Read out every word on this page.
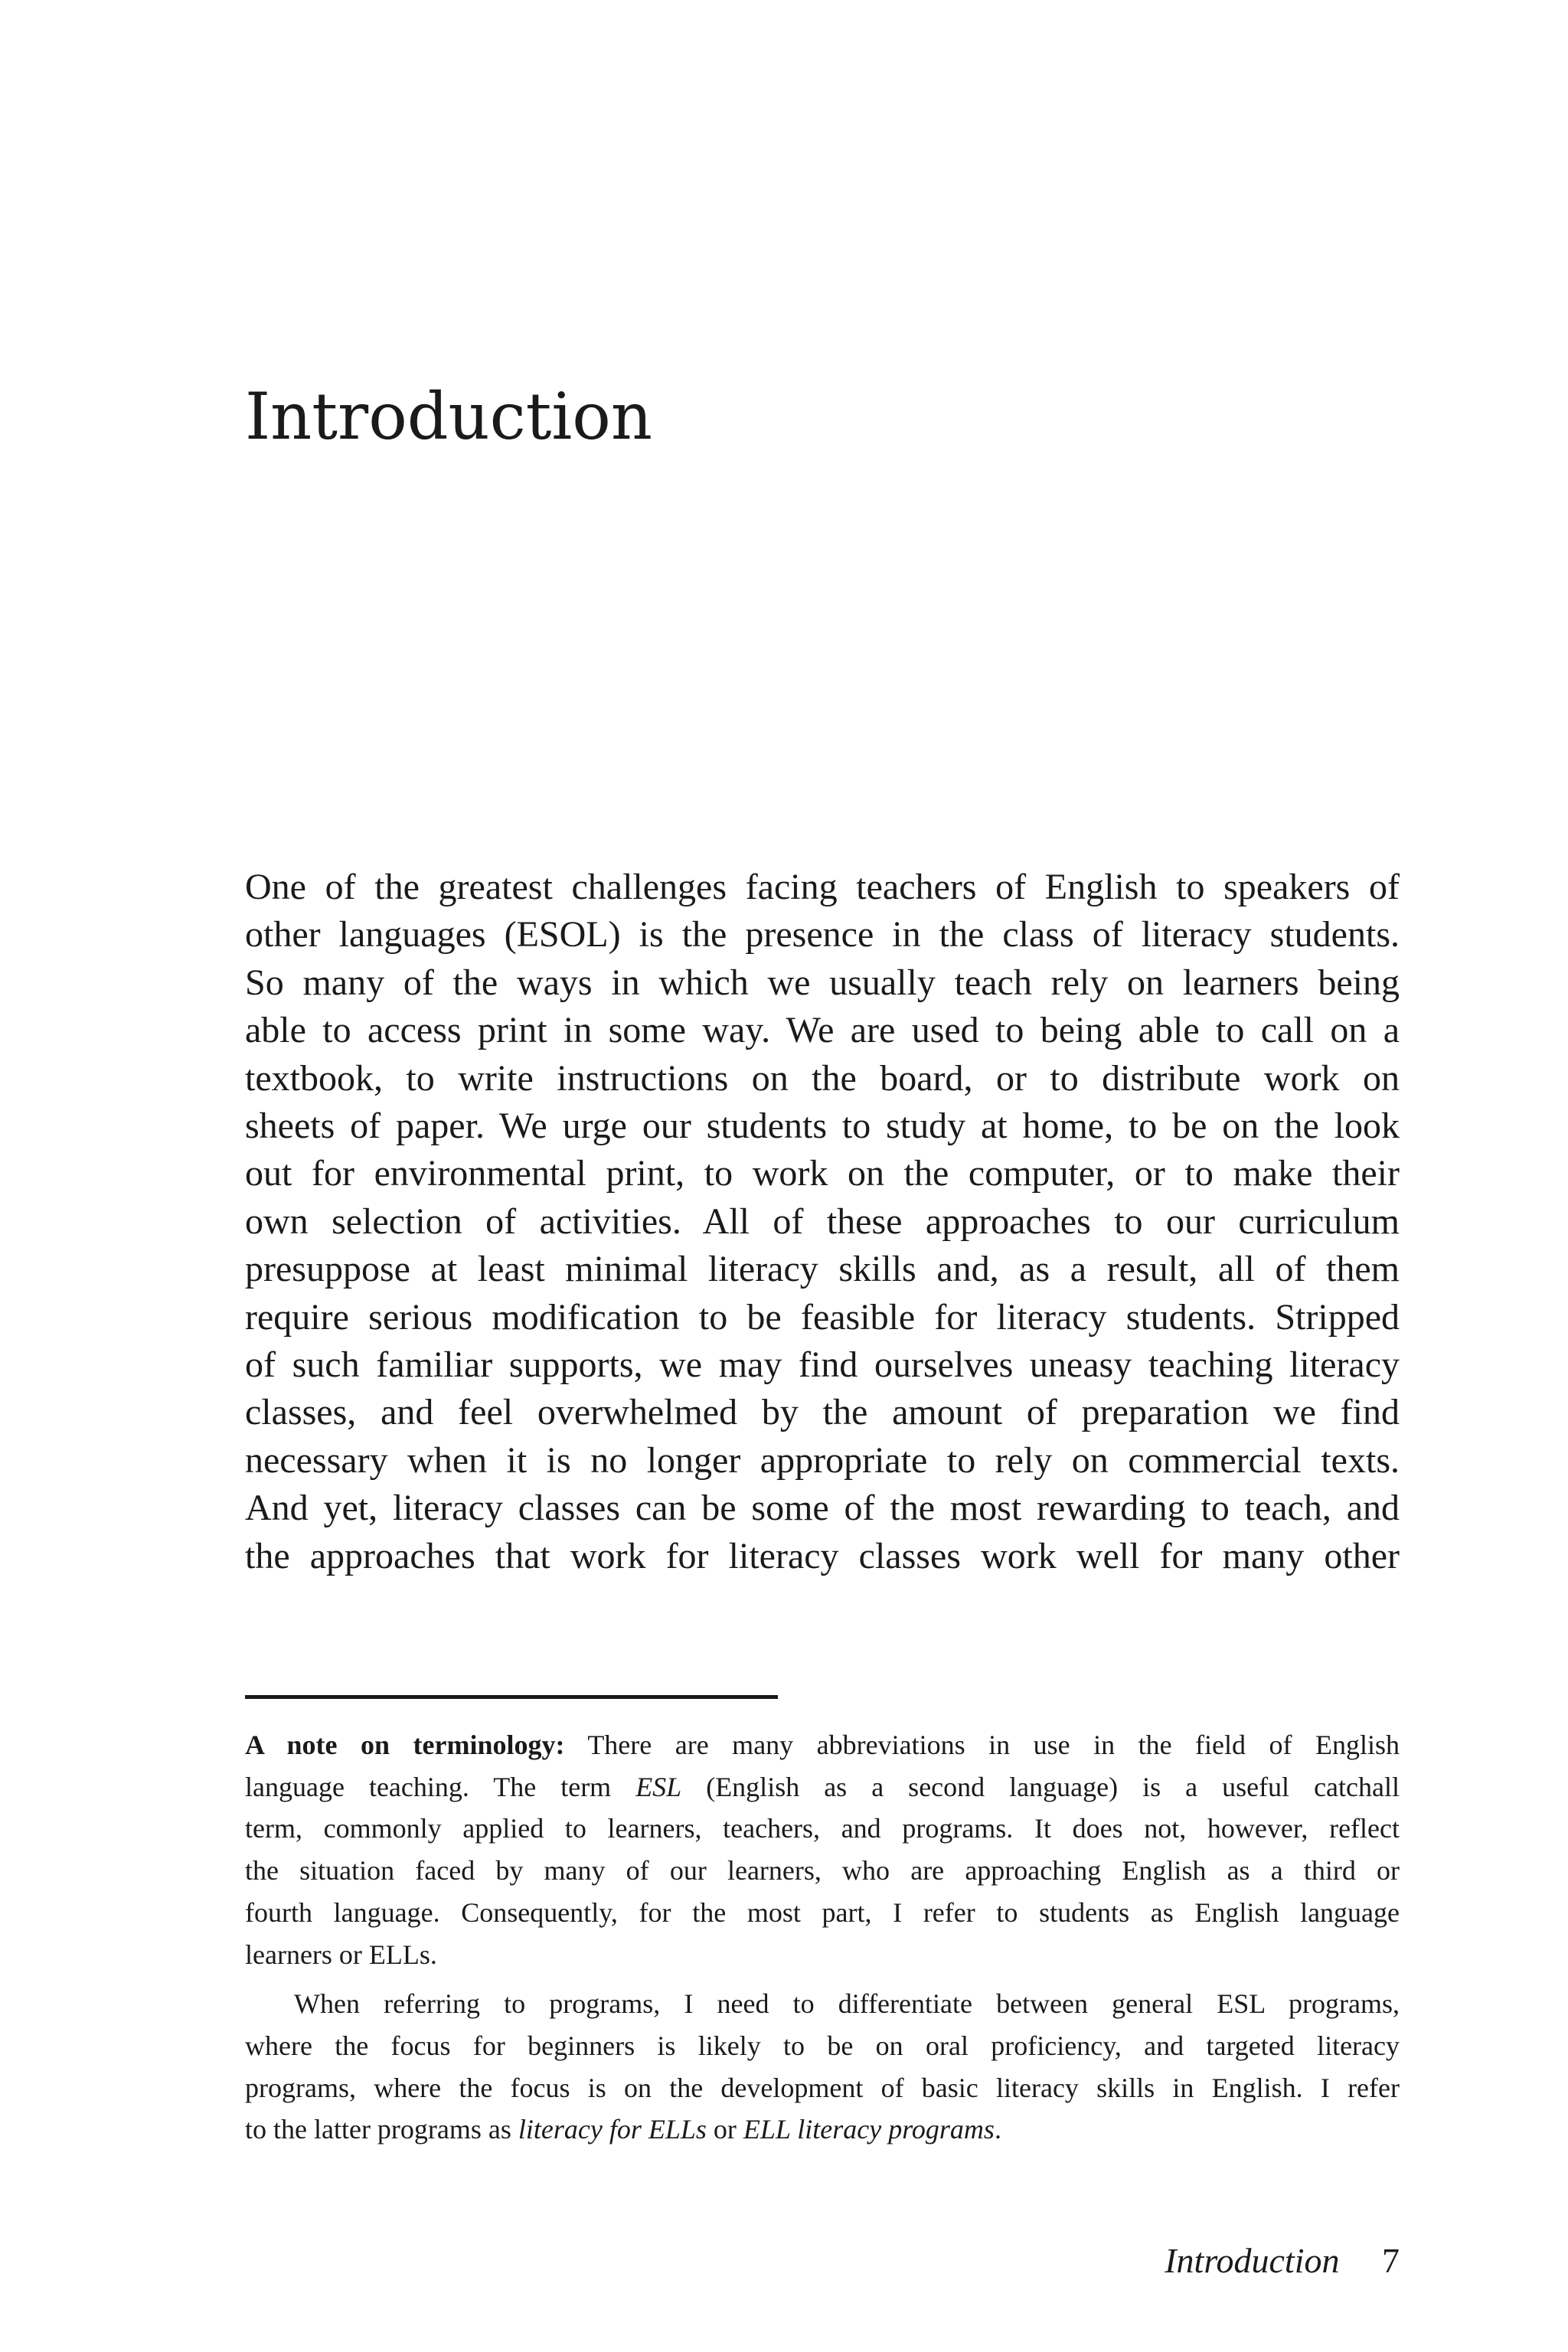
Introduction
One of the greatest challenges facing teachers of English to speakers of
other languages (ESOL) is the presence in the class of literacy students.
So many of the ways in which we usually teach rely on learners being
able to access print in some way. We are used to being able to call on a
textbook, to write instructions on the board, or to distribute work on
sheets of paper. We urge our students to study at home, to be on the look
out for environmental print, to work on the computer, or to make their
own selection of activities. All of these approaches to our curriculum
presuppose at least minimal literacy skills and, as a result, all of them
require serious modification to be feasible for literacy students. Stripped
of such familiar supports, we may find ourselves uneasy teaching literacy
classes, and feel overwhelmed by the amount of preparation we find
necessary when it is no longer appropriate to rely on commercial texts.
And yet, literacy classes can be some of the most rewarding to teach, and
the approaches that work for literacy classes work well for many other
A note on terminology: There are many abbreviations in use in the field of English
language teaching. The term ESL (English as a second language) is a useful catchall
term, commonly applied to learners, teachers, and programs. It does not, however, reflect
the situation faced by many of our learners, who are approaching English as a third or
fourth language. Consequently, for the most part, I refer to students as English language
learners or ELLs.
When referring to programs, I need to differentiate between general ESL programs,
where the focus for beginners is likely to be on oral proficiency, and targeted literacy
programs, where the focus is on the development of basic literacy skills in English. I refer
to the latter programs as literacy for ELLs or ELL literacy programs.
Introduction 7
